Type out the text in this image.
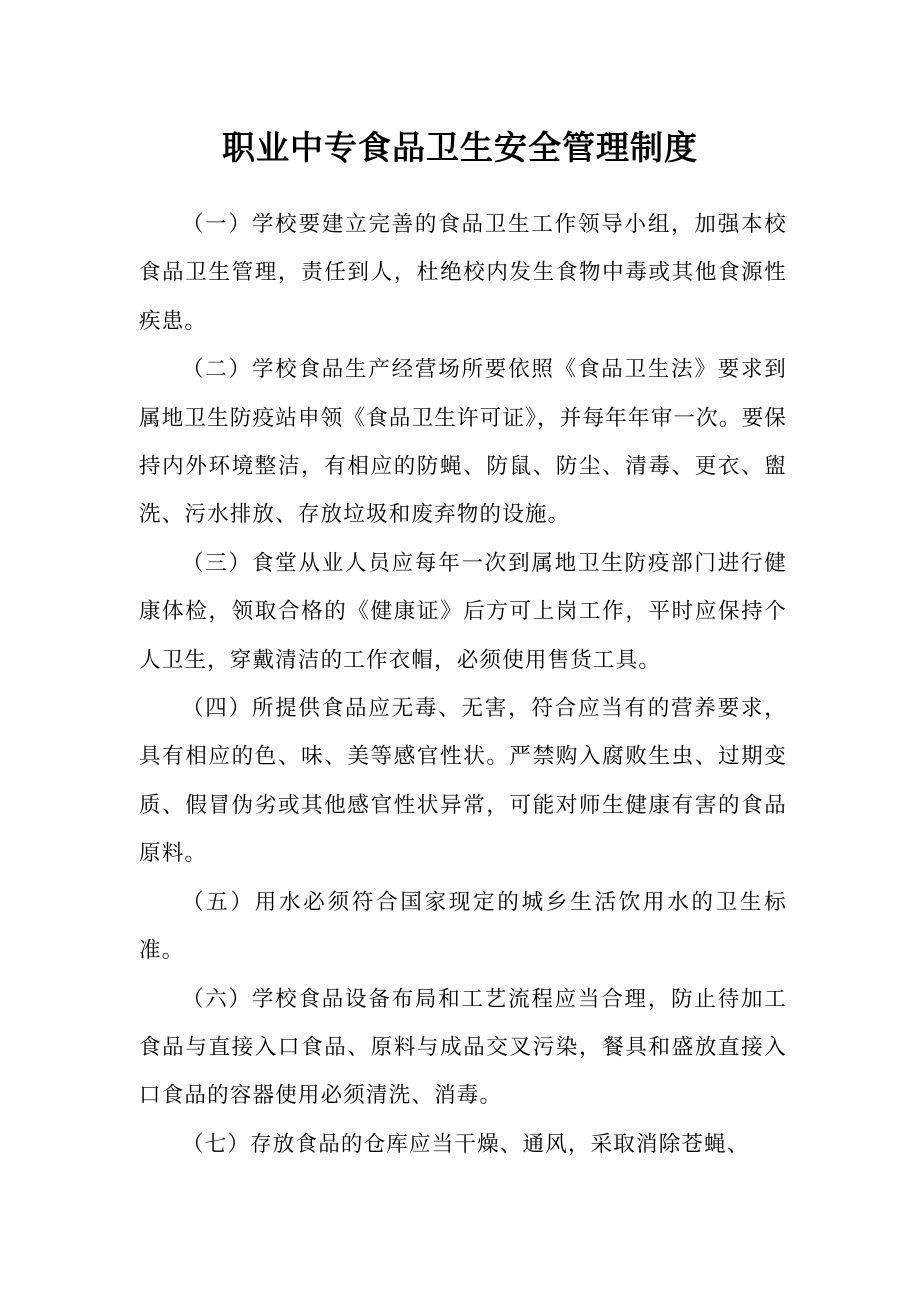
职业中专食品卫生安全管理制度

（一）学校要建立完善的食品卫生工作领导小组，加强本校食品卫生管理，责任到人，杜绝校内发生食物中毒或其他食源性疾患。

（二）学校食品生产经营场所要依照《食品卫生法》要求到属地卫生防疫站申领《食品卫生许可证》，并每年年审一次。要保持内外环境整洁，有相应的防蝇、防鼠、防尘、清毒、更衣、盥洗、污水排放、存放垃圾和废弃物的设施。

（三）食堂从业人员应每年一次到属地卫生防疫部门进行健康体检，领取合格的《健康证》后方可上岗工作，平时应保持个人卫生，穿戴清洁的工作衣帽，必须使用售货工具。

（四）所提供食品应无毒、无害，符合应当有的营养要求，具有相应的色、味、美等感官性状。严禁购入腐败生虫、过期变质、假冒伪劣或其他感官性状异常，可能对师生健康有害的食品原料。

（五）用水必须符合国家现定的城乡生活饮用水的卫生标准。

（六）学校食品设备布局和工艺流程应当合理，防止待加工食品与直接入口食品、原料与成品交叉污染，餐具和盛放直接入口食品的容器使用必须清洗、消毒。

（七）存放食品的仓库应当干燥、通风，采取消除苍蝇、
